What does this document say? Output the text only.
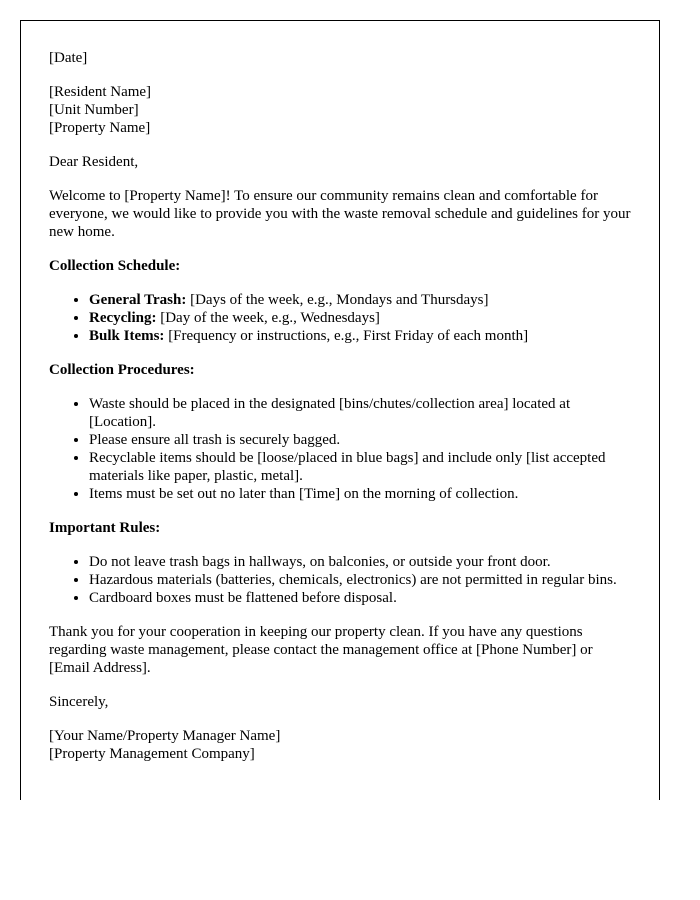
[Date]

[Resident Name]

[Unit Number]

[Property Name]

Dear Resident,

Welcome to [Property Name]! To ensure our community remains clean and comfortable for everyone, we would like to provide you with the waste removal schedule and guidelines for your new home.

Collection Schedule:
• General Trash: [Days of the week, e.g., Mondays and Thursdays]
• Recycling: [Day of the week, e.g., Wednesdays]
• Bulk Items: [Frequency or instructions, e.g., First Friday of each month]
Collection Procedures:
• Waste should be placed in the designated [bins/chutes/collection area] located at [Location].
• Please ensure all trash is securely bagged.
• Recyclable items should be [loose/placed in blue bags] and include only [list accepted materials like paper, plastic, metal].
• Items must be set out no later than [Time] on the morning of collection.
Important Rules:
• Do not leave trash bags in hallways, on balconies, or outside your front door.
• Hazardous materials (batteries, chemicals, electronics) are not permitted in regular bins.
• Cardboard boxes must be flattened before disposal.

Thank you for your cooperation in keeping our property clean. If you have any questions regarding waste management, please contact the management office at [Phone Number] or [Email Address].

Sincerely,

[Your Name/Property Manager Name]

[Property Management Company]
